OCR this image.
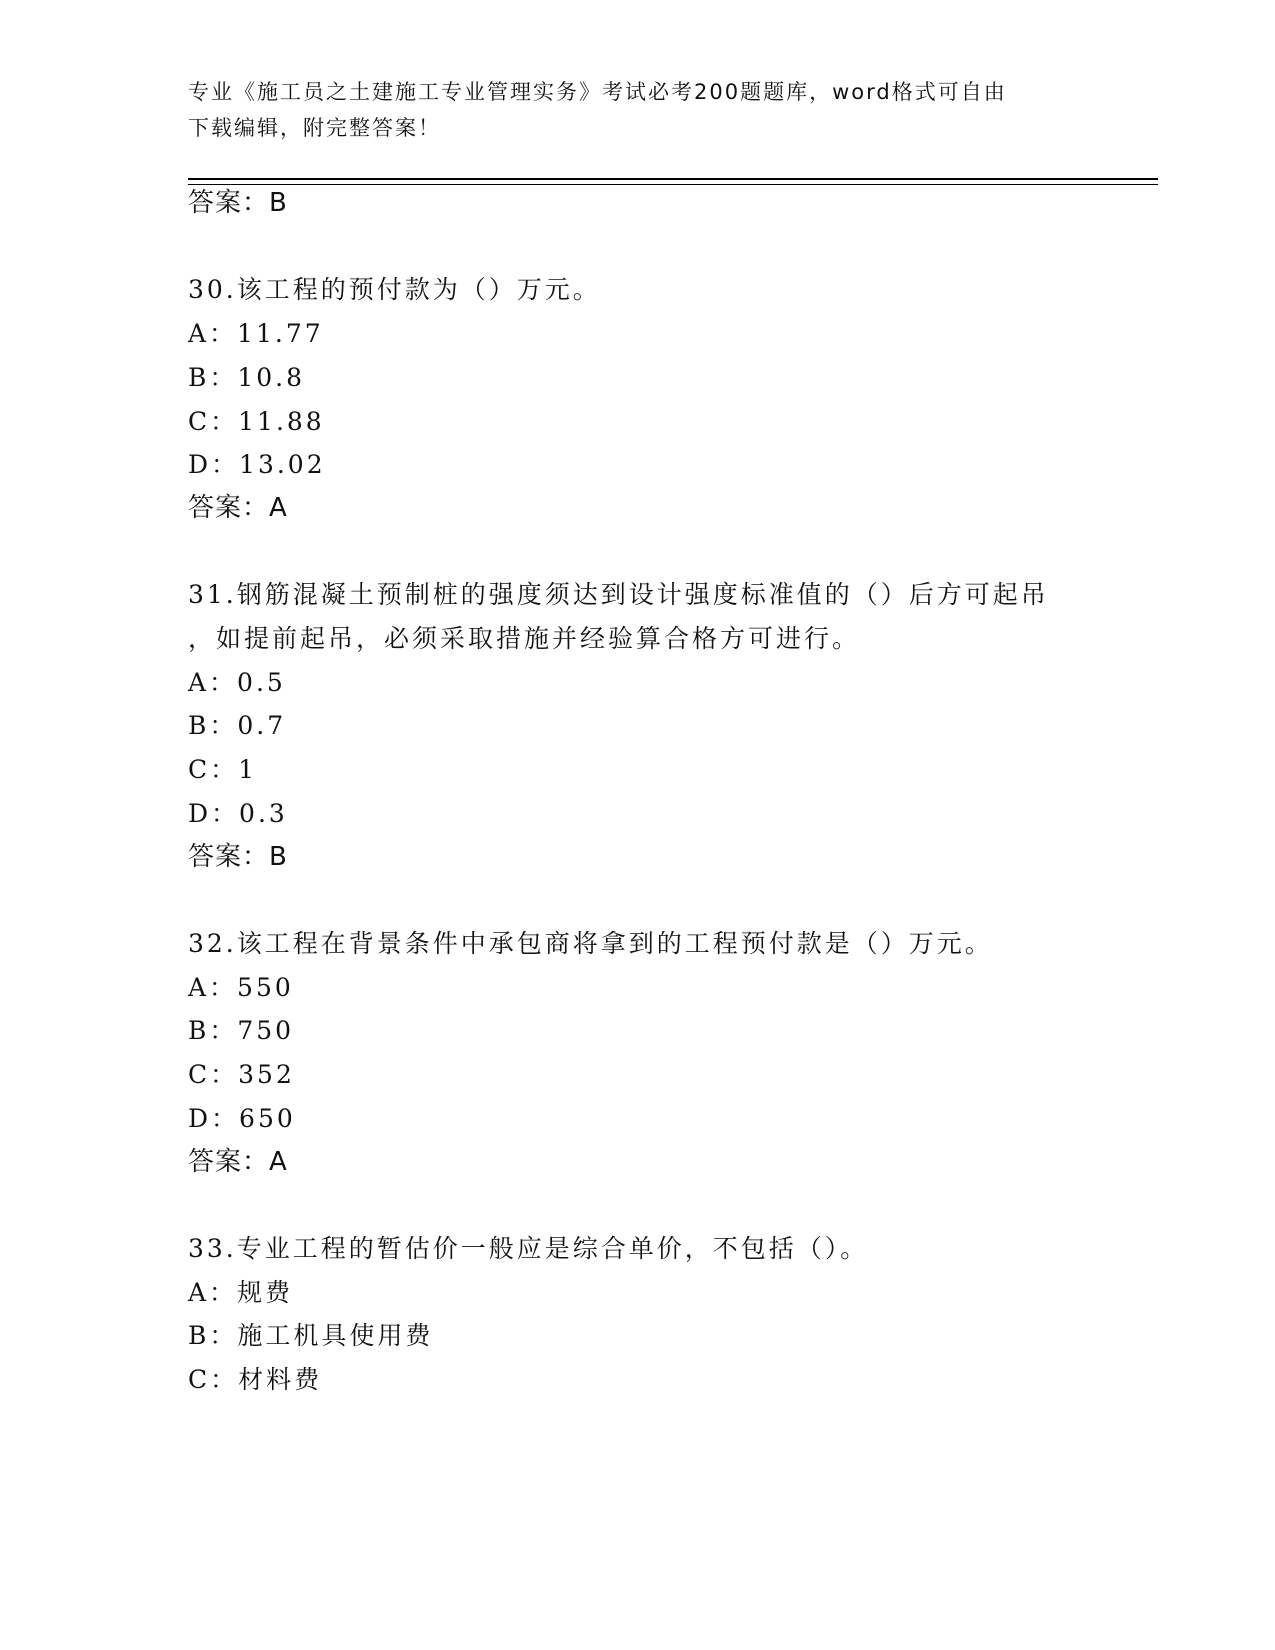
专业《施工员之土建施工专业管理实务》考试必考200题题库，word格式可自由
下载编辑，附完整答案！
答案：B
30.该工程的预付款为（）万元。
A：11.77
B：10.8
C：11.88
D：13.02
答案：A
31.钢筋混凝土预制桩的强度须达到设计强度标准值的（）后方可起吊
，如提前起吊，必须采取措施并经验算合格方可进行。
A：0.5
B：0.7
C：1
D：0.3
答案：B
32.该工程在背景条件中承包商将拿到的工程预付款是（）万元。
A：550
B：750
C：352
D：650
答案：A
33.专业工程的暂估价一般应是综合单价，不包括（）。
A：规费
B：施工机具使用费
C：材料费
